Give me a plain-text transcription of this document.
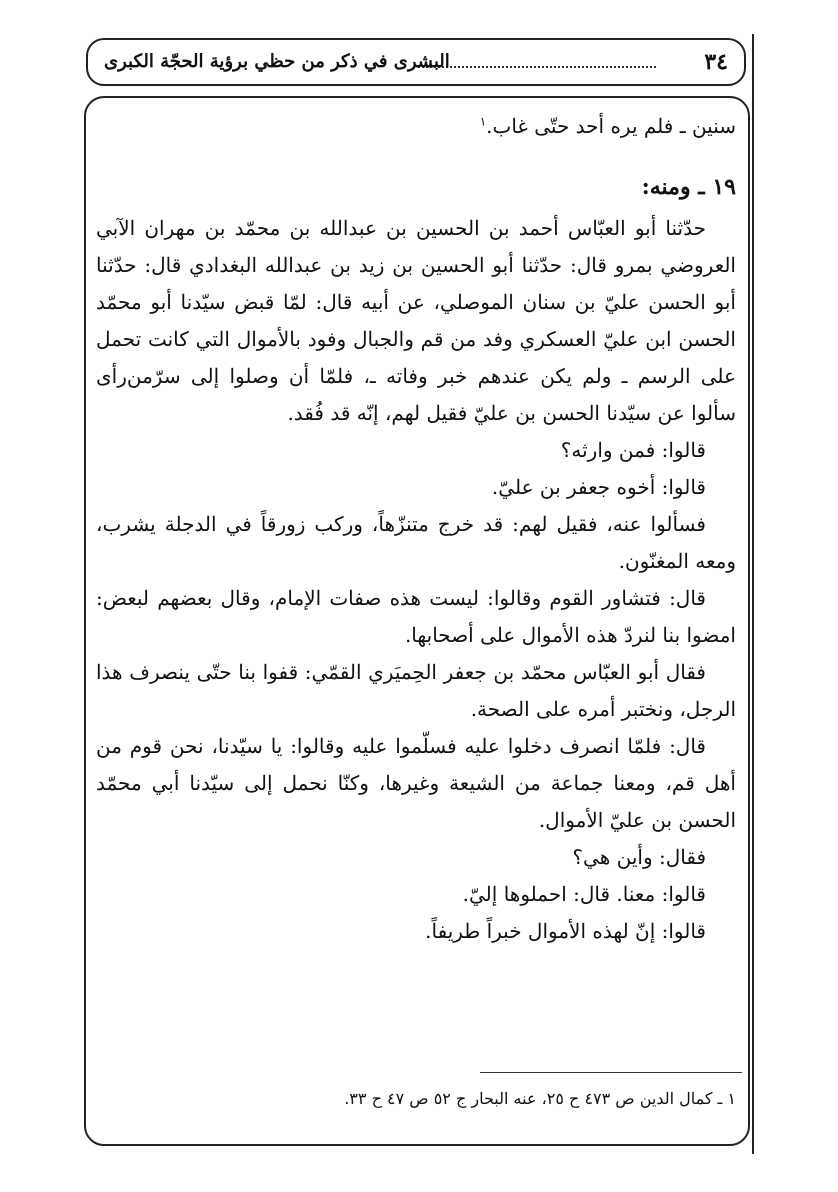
٣٤
البشرى في ذكر من حظي برؤية الحجّة الكبرى

سنين ـ فلم يره أحد حتّى غاب.$^١$

١٩ ـ ومنه:

حدّثنا أبو العبّاس أحمد بن الحسين بن عبدالله بن محمّد بن مهران الآبي العروضي بمرو قال: حدّثنا أبو الحسين بن زيد بن عبدالله البغدادي قال: حدّثنا أبو الحسن عليّ بن سنان الموصلي، عن أبيه قال: لمّا قبض سيّدنا أبو محمّد الحسن ابن عليّ العسكري وفد من قم والجبال وفود بالأموال التي كانت تحمل على الرسم ـ ولم يكن عندهم خبر وفاته ـ، فلمّا أن وصلوا إلى سرّمن‌رأى سألوا عن سيّدنا الحسن بن عليّ فقيل لهم، إنّه قد فُقد.

قالوا: فمن وارثه؟

قالوا: أخوه جعفر بن عليّ.

فسألوا عنه، فقيل لهم: قد خرج متنزّهاً، وركب زورقاً في الدجلة يشرب، ومعه المغنّون.

قال: فتشاور القوم وقالوا: ليست هذه صفات الإمام، وقال بعضهم لبعض: امضوا بنا لنردّ هذه الأموال على أصحابها.

فقال أبو العبّاس محمّد بن جعفر الحِميَري القمّي: قفوا بنا حتّى ينصرف هذا الرجل، ونختبر أمره على الصحة.

قال: فلمّا انصرف دخلوا عليه فسلّموا عليه وقالوا: يا سيّدنا، نحن قوم من أهل قم، ومعنا جماعة من الشيعة وغيرها، وكنّا نحمل إلى سيّدنا أبي محمّد الحسن بن عليّ الأموال.

فقال: وأين هي؟

قالوا: معنا. قال: احملوها إليّ.

قالوا: إنّ لهذه الأموال خبراً طريفاً.

١ ـ كمال الدين ص ٤٧٣ ح ٢٥، عنه البحار ج ٥٢ ص ٤٧ ح ٣٣.
